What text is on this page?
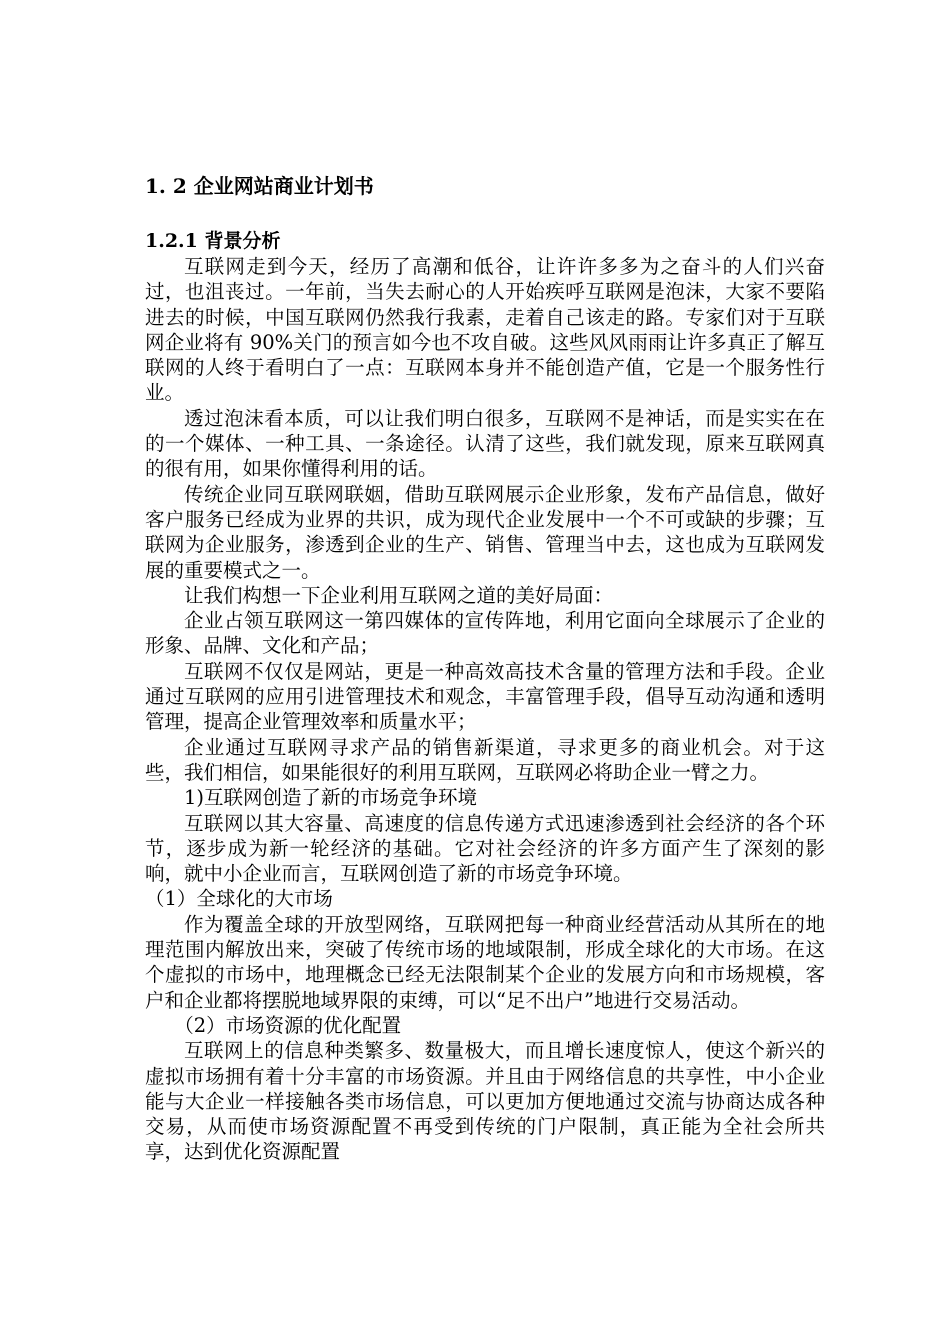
1. 2 企业网站商业计划书
1.2.1 背景分析

互联网走到今天，经历了高潮和低谷，让许许多多为之奋斗的人们兴奋过，也沮丧过。一年前，当失去耐心的人开始疾呼互联网是泡沫，大家不要陷进去的时候，中国互联网仍然我行我素，走着自己该走的路。专家们对于互联网企业将有 90%关门的预言如今也不攻自破。这些风风雨雨让许多真正了解互联网的人终于看明白了一点：互联网本身并不能创造产值，它是一个服务性行业。

透过泡沫看本质，可以让我们明白很多，互联网不是神话，而是实实在在的一个媒体、一种工具、一条途径。认清了这些，我们就发现，原来互联网真的很有用，如果你懂得利用的话。

传统企业同互联网联姻，借助互联网展示企业形象，发布产品信息，做好客户服务已经成为业界的共识，成为现代企业发展中一个不可或缺的步骤；互联网为企业服务，渗透到企业的生产、销售、管理当中去，这也成为互联网发展的重要模式之一。

让我们构想一下企业利用互联网之道的美好局面：

企业占领互联网这一第四媒体的宣传阵地，利用它面向全球展示了企业的形象、品牌、文化和产品；

互联网不仅仅是网站，更是一种高效高技术含量的管理方法和手段。企业通过互联网的应用引进管理技术和观念，丰富管理手段，倡导互动沟通和透明管理，提高企业管理效率和质量水平；

企业通过互联网寻求产品的销售新渠道，寻求更多的商业机会。对于这些，我们相信，如果能很好的利用互联网，互联网必将助企业一臂之力。

1)互联网创造了新的市场竞争环境

互联网以其大容量、高速度的信息传递方式迅速渗透到社会经济的各个环节，逐步成为新一轮经济的基础。它对社会经济的许多方面产生了深刻的影响，就中小企业而言，互联网创造了新的市场竞争环境。

（1）全球化的大市场

作为覆盖全球的开放型网络，互联网把每一种商业经营活动从其所在的地理范围内解放出来，突破了传统市场的地域限制，形成全球化的大市场。在这个虚拟的市场中，地理概念已经无法限制某个企业的发展方向和市场规模，客户和企业都将摆脱地域界限的束缚，可以“足不出户”地进行交易活动。

（2）市场资源的优化配置

互联网上的信息种类繁多、数量极大，而且增长速度惊人，使这个新兴的虚拟市场拥有着十分丰富的市场资源。并且由于网络信息的共享性，中小企业能与大企业一样接触各类市场信息，可以更加方便地通过交流与协商达成各种交易，从而使市场资源配置不再受到传统的门户限制，真正能为全社会所共享，达到优化资源配置
